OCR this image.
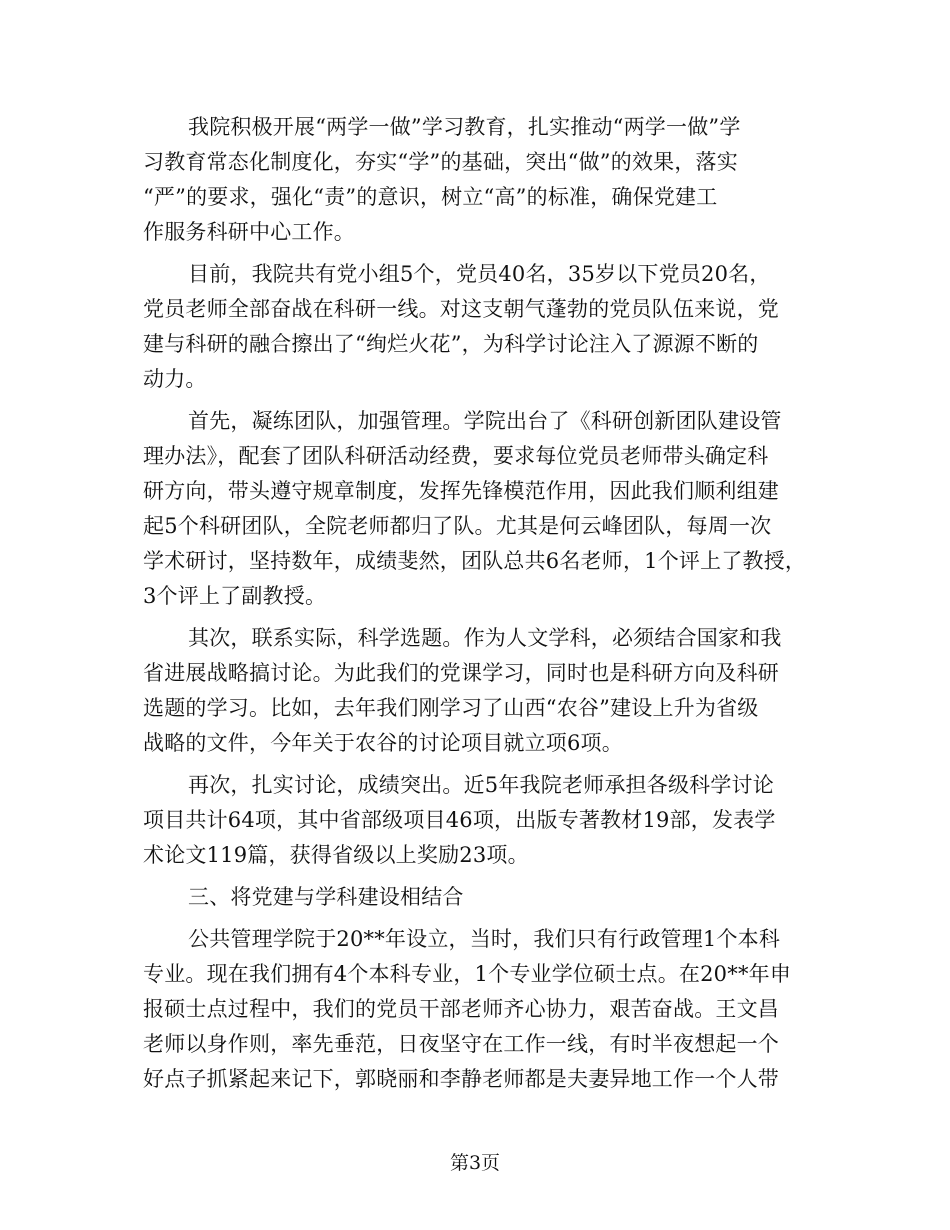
我院积极开展“两学一做”学习教育，扎实推动“两学一做”学
习教育常态化制度化，夯实“学”的基础，突出“做”的效果，落实
“严”的要求，强化“责”的意识，树立“高”的标准，确保党建工
作服务科研中心工作。
目前，我院共有党小组5个，党员40名，35岁以下党员20名，
党员老师全部奋战在科研一线。对这支朝气蓬勃的党员队伍来说，党
建与科研的融合擦出了“绚烂火花”，为科学讨论注入了源源不断的
动力。
首先，凝练团队，加强管理。学院出台了《科研创新团队建设管
理办法》，配套了团队科研活动经费，要求每位党员老师带头确定科
研方向，带头遵守规章制度，发挥先锋模范作用，因此我们顺利组建
起5个科研团队，全院老师都归了队。尤其是何云峰团队，每周一次
学术研讨，坚持数年，成绩斐然，团队总共6名老师，1个评上了教授，
3个评上了副教授。
其次，联系实际，科学选题。作为人文学科，必须结合国家和我
省进展战略搞讨论。为此我们的党课学习，同时也是科研方向及科研
选题的学习。比如，去年我们刚学习了山西“农谷”建设上升为省级
战略的文件，今年关于农谷的讨论项目就立项6项。
再次，扎实讨论，成绩突出。近5年我院老师承担各级科学讨论
项目共计64项，其中省部级项目46项，出版专著教材19部，发表学
术论文119篇，获得省级以上奖励23项。
三、将党建与学科建设相结合
公共管理学院于20**年设立，当时，我们只有行政管理1个本科
专业。现在我们拥有4个本科专业，1个专业学位硕士点。在20**年申
报硕士点过程中，我们的党员干部老师齐心协力，艰苦奋战。王文昌
老师以身作则，率先垂范，日夜坚守在工作一线，有时半夜想起一个
好点子抓紧起来记下，郭晓丽和李静老师都是夫妻异地工作一个人带
第3页
